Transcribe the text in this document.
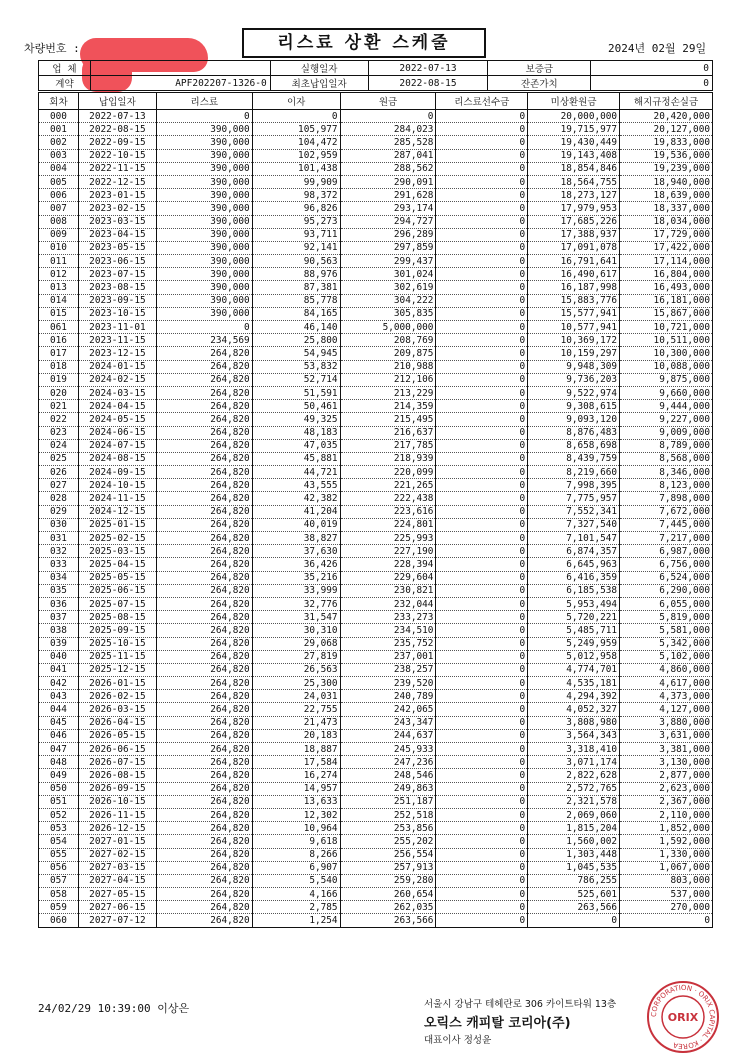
차량번호 :	리스료 상환 스케줄	2024년 02월 29일
업 체		실행일자	2022-07-13	보증금	0
계약	APF202207-1326-0	최초납입일자	2022-08-15	잔존가치	0
회차	납입일자	리스료	이자	원금	리스료선수금	미상환원금	해지규정손실금
000	2022-07-13	0	0	0	0	20,000,000	20,420,000
001	2022-08-15	390,000	105,977	284,023	0	19,715,977	20,127,000
002	2022-09-15	390,000	104,472	285,528	0	19,430,449	19,833,000
003	2022-10-15	390,000	102,959	287,041	0	19,143,408	19,536,000
004	2022-11-15	390,000	101,438	288,562	0	18,854,846	19,239,000
005	2022-12-15	390,000	99,909	290,091	0	18,564,755	18,940,000
006	2023-01-15	390,000	98,372	291,628	0	18,273,127	18,639,000
007	2023-02-15	390,000	96,826	293,174	0	17,979,953	18,337,000
008	2023-03-15	390,000	95,273	294,727	0	17,685,226	18,034,000
009	2023-04-15	390,000	93,711	296,289	0	17,388,937	17,729,000
010	2023-05-15	390,000	92,141	297,859	0	17,091,078	17,422,000
011	2023-06-15	390,000	90,563	299,437	0	16,791,641	17,114,000
012	2023-07-15	390,000	88,976	301,024	0	16,490,617	16,804,000
013	2023-08-15	390,000	87,381	302,619	0	16,187,998	16,493,000
014	2023-09-15	390,000	85,778	304,222	0	15,883,776	16,181,000
015	2023-10-15	390,000	84,165	305,835	0	15,577,941	15,867,000
061	2023-11-01	0	46,140	5,000,000	0	10,577,941	10,721,000
016	2023-11-15	234,569	25,800	208,769	0	10,369,172	10,511,000
017	2023-12-15	264,820	54,945	209,875	0	10,159,297	10,300,000
018	2024-01-15	264,820	53,832	210,988	0	9,948,309	10,088,000
019	2024-02-15	264,820	52,714	212,106	0	9,736,203	9,875,000
020	2024-03-15	264,820	51,591	213,229	0	9,522,974	9,660,000
021	2024-04-15	264,820	50,461	214,359	0	9,308,615	9,444,000
022	2024-05-15	264,820	49,325	215,495	0	9,093,120	9,227,000
023	2024-06-15	264,820	48,183	216,637	0	8,876,483	9,009,000
024	2024-07-15	264,820	47,035	217,785	0	8,658,698	8,789,000
025	2024-08-15	264,820	45,881	218,939	0	8,439,759	8,568,000
026	2024-09-15	264,820	44,721	220,099	0	8,219,660	8,346,000
027	2024-10-15	264,820	43,555	221,265	0	7,998,395	8,123,000
028	2024-11-15	264,820	42,382	222,438	0	7,775,957	7,898,000
029	2024-12-15	264,820	41,204	223,616	0	7,552,341	7,672,000
030	2025-01-15	264,820	40,019	224,801	0	7,327,540	7,445,000
031	2025-02-15	264,820	38,827	225,993	0	7,101,547	7,217,000
032	2025-03-15	264,820	37,630	227,190	0	6,874,357	6,987,000
033	2025-04-15	264,820	36,426	228,394	0	6,645,963	6,756,000
034	2025-05-15	264,820	35,216	229,604	0	6,416,359	6,524,000
035	2025-06-15	264,820	33,999	230,821	0	6,185,538	6,290,000
036	2025-07-15	264,820	32,776	232,044	0	5,953,494	6,055,000
037	2025-08-15	264,820	31,547	233,273	0	5,720,221	5,819,000
038	2025-09-15	264,820	30,310	234,510	0	5,485,711	5,581,000
039	2025-10-15	264,820	29,068	235,752	0	5,249,959	5,342,000
040	2025-11-15	264,820	27,819	237,001	0	5,012,958	5,102,000
041	2025-12-15	264,820	26,563	238,257	0	4,774,701	4,860,000
042	2026-01-15	264,820	25,300	239,520	0	4,535,181	4,617,000
043	2026-02-15	264,820	24,031	240,789	0	4,294,392	4,373,000
044	2026-03-15	264,820	22,755	242,065	0	4,052,327	4,127,000
045	2026-04-15	264,820	21,473	243,347	0	3,808,980	3,880,000
046	2026-05-15	264,820	20,183	244,637	0	3,564,343	3,631,000
047	2026-06-15	264,820	18,887	245,933	0	3,318,410	3,381,000
048	2026-07-15	264,820	17,584	247,236	0	3,071,174	3,130,000
049	2026-08-15	264,820	16,274	248,546	0	2,822,628	2,877,000
050	2026-09-15	264,820	14,957	249,863	0	2,572,765	2,623,000
051	2026-10-15	264,820	13,633	251,187	0	2,321,578	2,367,000
052	2026-11-15	264,820	12,302	252,518	0	2,069,060	2,110,000
053	2026-12-15	264,820	10,964	253,856	0	1,815,204	1,852,000
054	2027-01-15	264,820	9,618	255,202	0	1,560,002	1,592,000
055	2027-02-15	264,820	8,266	256,554	0	1,303,448	1,330,000
056	2027-03-15	264,820	6,907	257,913	0	1,045,535	1,067,000
057	2027-04-15	264,820	5,540	259,280	0	786,255	803,000
058	2027-05-15	264,820	4,166	260,654	0	525,601	537,000
059	2027-06-15	264,820	2,785	262,035	0	263,566	270,000
060	2027-07-12	264,820	1,254	263,566	0	0	0
24/02/29 10:39:00 이상은	서울시 강남구 테헤란로 306 카이트타워 13층
오릭스 캐피탈 코리아(주)
대표이사 정성윤
CORPORATION · ORIX CAPITAL · KOREA
ORIX
